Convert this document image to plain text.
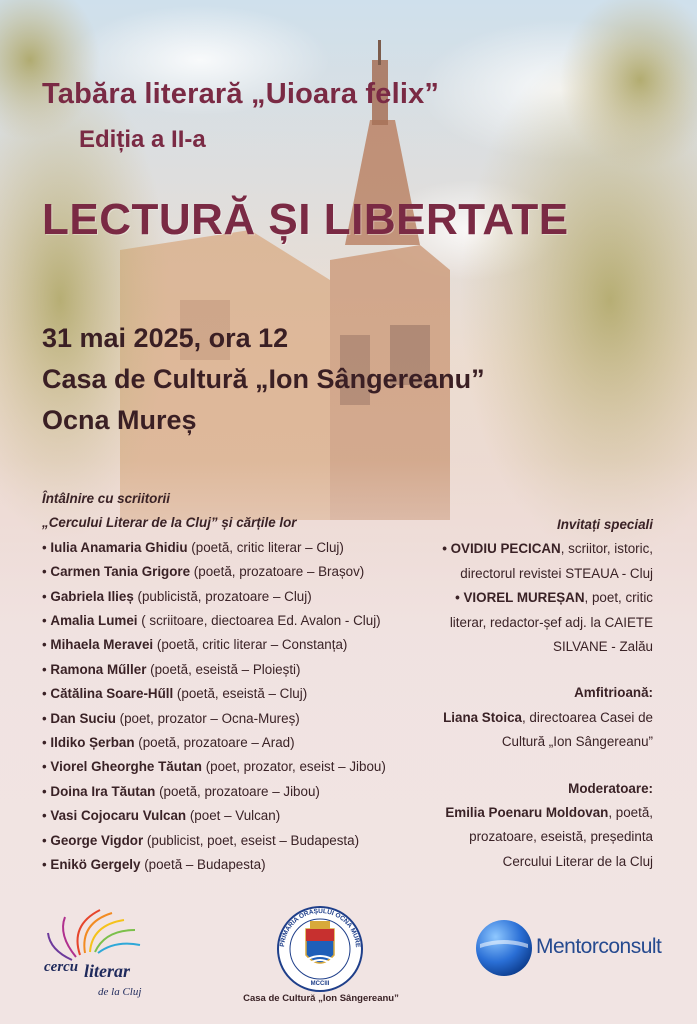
Tabăra literară „Uioara felix”
Ediția a II-a
LECTURĂ ȘI LIBERTATE
31 mai 2025, ora 12
Casa de Cultură „Ion Sângereanu”
Ocna Mureș
Întâlnire cu scriitorii
„Cercului Literar de la Cluj” și cărțile lor
• Iulia Anamaria Ghidiu (poetă, critic literar – Cluj)
• Carmen Tania Grigore (poetă, prozatoare – Brașov)
• Gabriela Ilieș (publicistă, prozatoare – Cluj)
• Amalia Lumei ( scriitoare, diectoarea Ed. Avalon - Cluj)
• Mihaela Meravei (poetă, critic literar – Constanța)
• Ramona Műller (poetă, eseistă – Ploiești)
• Cătălina Soare-Hűll (poetă, eseistă – Cluj)
• Dan Suciu (poet, prozator – Ocna-Mureș)
• Ildiko Șerban (poetă, prozatoare – Arad)
• Viorel Gheorghe Tăutan (poet, prozator, eseist – Jibou)
• Doina Ira Tăutan (poetă, prozatoare – Jibou)
• Vasi Cojocaru Vulcan (poet – Vulcan)
• George Vigdor (publicist, poet, eseist – Budapesta)
• Enikö Gergely (poetă – Budapesta)
Invitați speciali
• OVIDIU PECICAN, scriitor, istoric,
directorul revistei STEAUA - Cluj
• VIOREL MUREȘAN, poet, critic
literar, redactor-șef adj. la CAIETE
SILVANE - Zalău
Amfitrioană:
Liana Stoica, directoarea Casei de
Cultură „Ion Sângereanu”
Moderatoare:
Emilia Poenaru Moldovan, poetă,
prozatoare, eseistă, președinta
Cercului Literar de la Cluj
cercu literar
de la Cluj
PRIMĂRIA ORAȘULUI OCNA MURE
MCCIII
Casa de Cultură „Ion Sângereanu”
Mentorconsult
